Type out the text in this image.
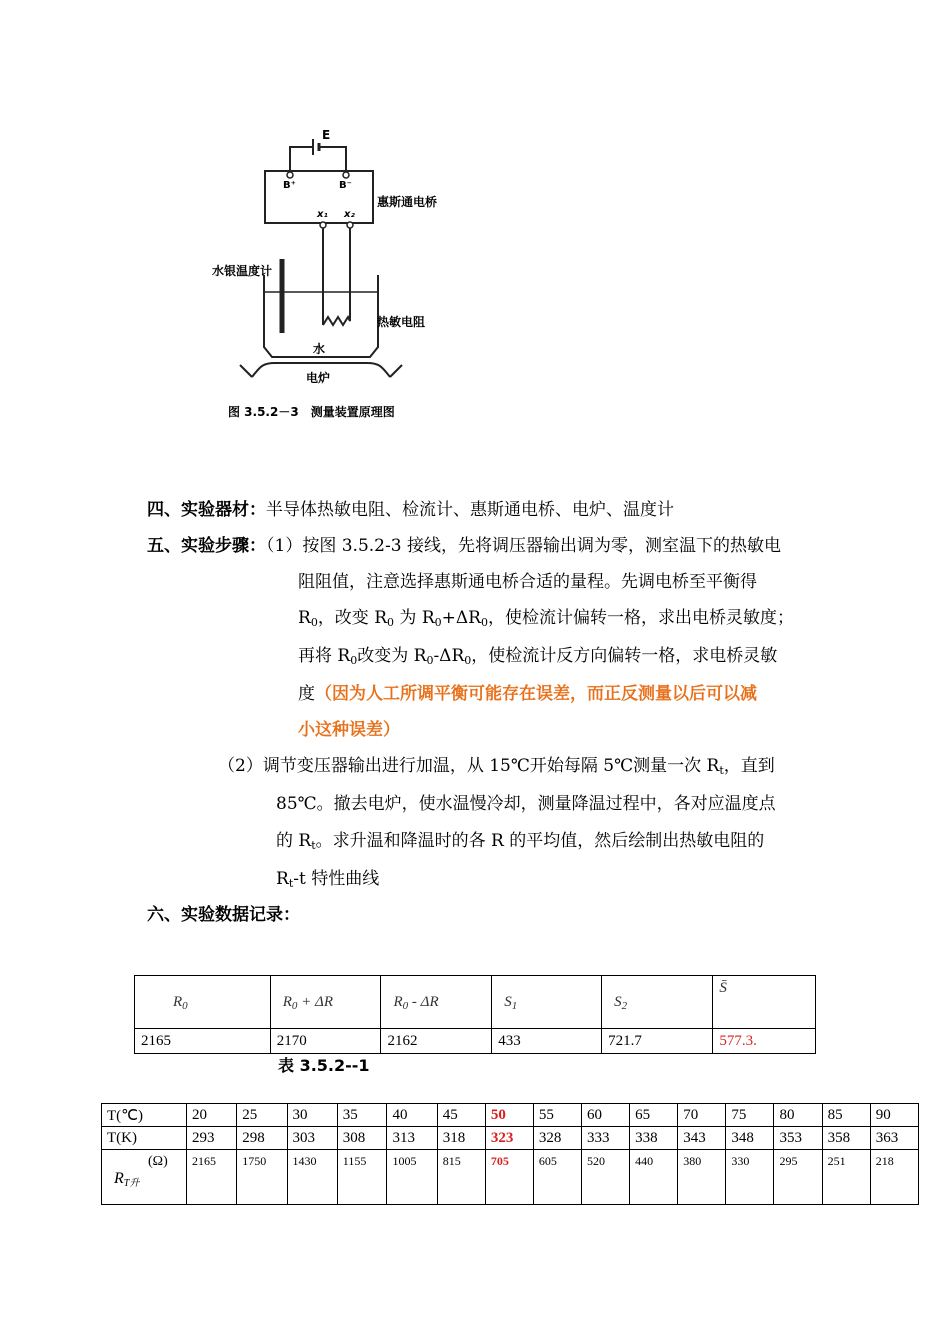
E
B⁺	B⁻
惠斯通电桥
x₁ x₂
水银温度计
热敏电阻
水
电炉
图 3.5.2－3　测量装置原理图
四、实验器材：半导体热敏电阻、检流计、惠斯通电桥、电炉、温度计
五、实验步骤：（1）按图 3.5.2-3 接线，先将调压器输出调为零，测室温下的热敏电
阻阻值，注意选择惠斯通电桥合适的量程。先调电桥至平衡得
$R_0$，改变 $R_0$ 为 $R_0+\Delta R_0$，使检流计偏转一格，求出电桥灵敏度；
再将 $R_0$改变为 $R_0-\Delta R_0$，使检流计反方向偏转一格，求电桥灵敏
度（因为人工所调平衡可能存在误差，而正反测量以后可以减
小这种误差）
（2）调节变压器输出进行加温，从 15℃开始每隔 5℃测量一次 $R_t$，直到
85℃。撤去电炉，使水温慢冷却，测量降温过程中，各对应温度点
的 $R_t$。求升温和降温时的各 R 的平均值，然后绘制出热敏电阻的
$R_t-t$ 特性曲线
六、实验数据记录：
$R_0$	$R_0 + \Delta R$	$R_0$ - ΔR	$S_1$	$S_2$	S̄
2165	2170	2162	433	721.7	577.3.
表 3.5.2--1
T(℃)	20	25	30	35	40	45	50	55	60	65	70	75	80	85	90
T(K)	293	298	303	308	313	318	323	328	333	338	343	348	353	358	363

(Ω)
$R_{T升}$	2165	1750	1430	1155	1005	815	705	605	520	440	380	330	295	251	218
